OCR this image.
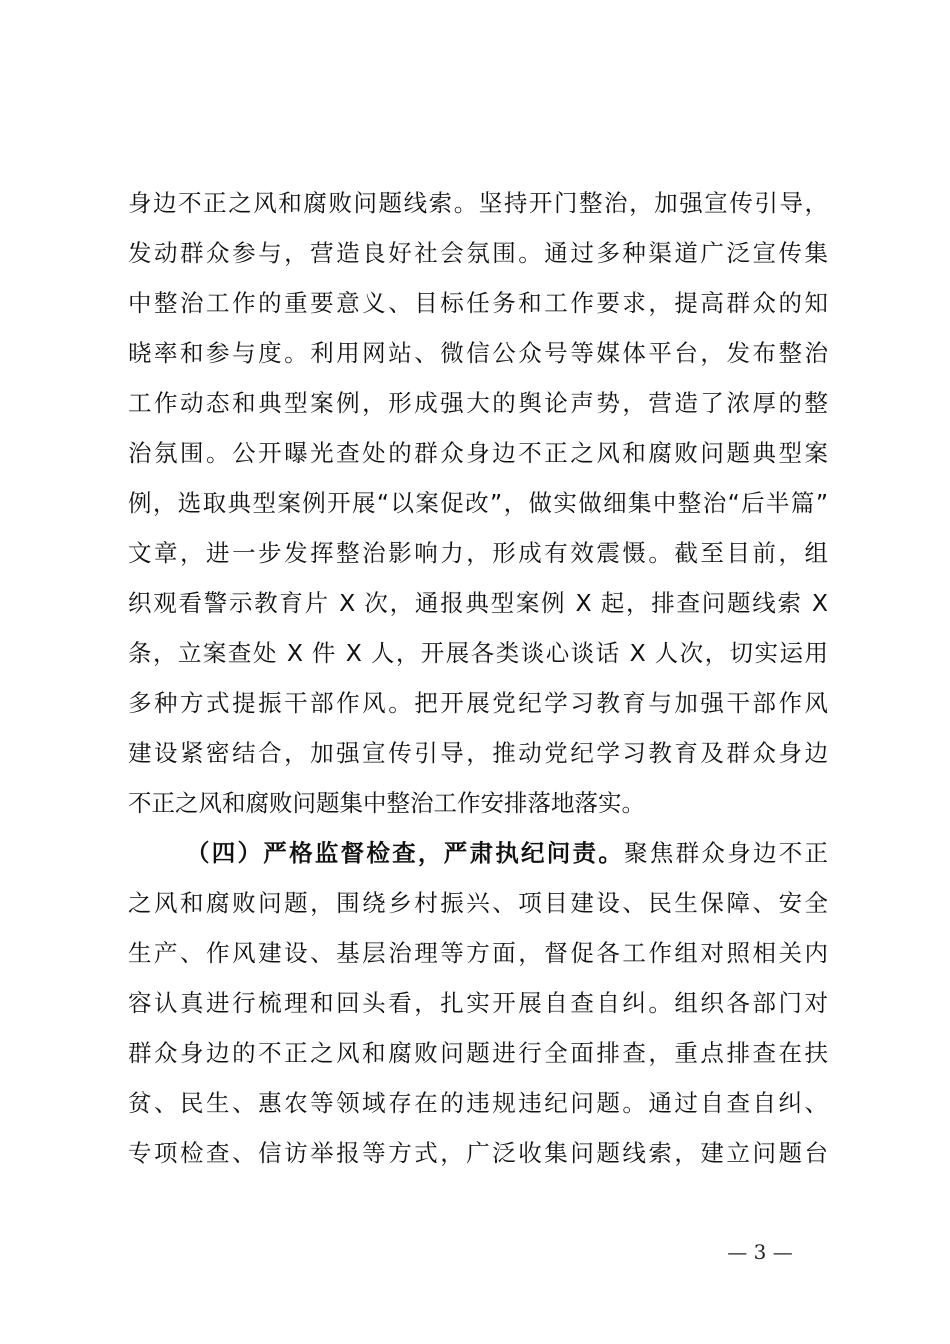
身边不正之风和腐败问题线索。坚持开门整治，加强宣传引导，
发动群众参与，营造良好社会氛围。通过多种渠道广泛宣传集
中整治工作的重要意义、目标任务和工作要求，提高群众的知
晓率和参与度。利用网站、微信公众号等媒体平台，发布整治
工作动态和典型案例，形成强大的舆论声势，营造了浓厚的整
治氛围。公开曝光查处的群众身边不正之风和腐败问题典型案
例，选取典型案例开展“以案促改”，做实做细集中整治“后半篇”
文章，进一步发挥整治影响力，形成有效震慑。截至目前，组
织观看警示教育片 X 次，通报典型案例 X 起，排查问题线索 X
条，立案查处 X 件 X 人，开展各类谈心谈话 X 人次，切实运用
多种方式提振干部作风。把开展党纪学习教育与加强干部作风
建设紧密结合，加强宣传引导，推动党纪学习教育及群众身边
不正之风和腐败问题集中整治工作安排落地落实。
（四）严格监督检查，严肃执纪问责。聚焦群众身边不正
之风和腐败问题，围绕乡村振兴、项目建设、民生保障、安全
生产、作风建设、基层治理等方面，督促各工作组对照相关内
容认真进行梳理和回头看，扎实开展自查自纠。组织各部门对
群众身边的不正之风和腐败问题进行全面排查，重点排查在扶
贫、民生、惠农等领域存在的违规违纪问题。通过自查自纠、
专项检查、信访举报等方式，广泛收集问题线索，建立问题台
— 3 —
